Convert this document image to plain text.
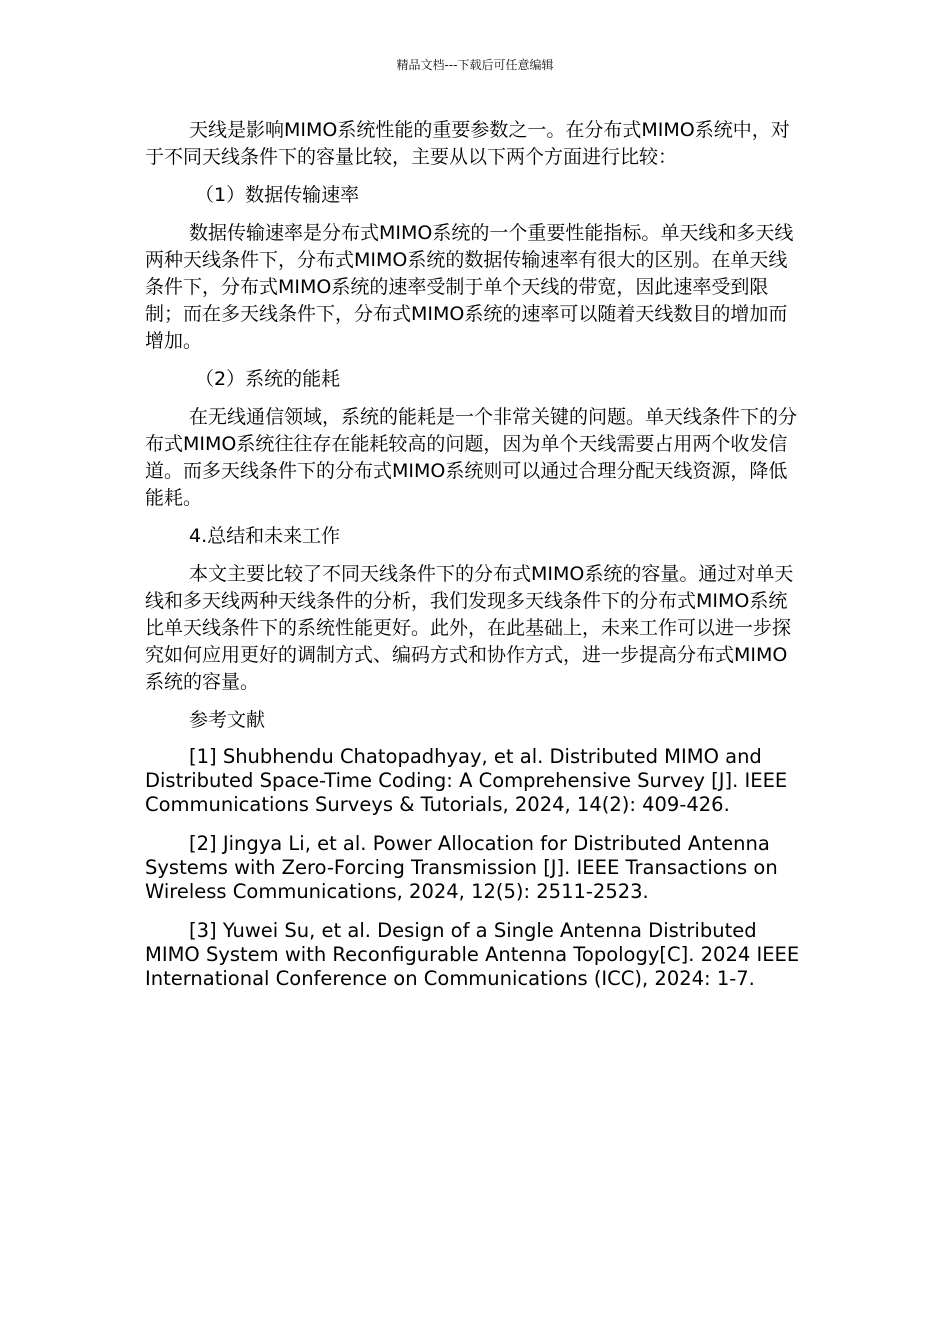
精品文档---下载后可任意编辑

天线是影响MIMO系统性能的重要参数之一。在分布式MIMO系统中，对于不同天线条件下的容量比较，主要从以下两个方面进行比较：

（1）数据传输速率

数据传输速率是分布式MIMO系统的一个重要性能指标。单天线和多天线两种天线条件下，分布式MIMO系统的数据传输速率有很大的区别。在单天线条件下，分布式MIMO系统的速率受制于单个天线的带宽，因此速率受到限制；而在多天线条件下，分布式MIMO系统的速率可以随着天线数目的增加而增加。

（2）系统的能耗

在无线通信领域，系统的能耗是一个非常关键的问题。单天线条件下的分布式MIMO系统往往存在能耗较高的问题，因为单个天线需要占用两个收发信道。而多天线条件下的分布式MIMO系统则可以通过合理分配天线资源，降低能耗。

4.总结和未来工作

本文主要比较了不同天线条件下的分布式MIMO系统的容量。通过对单天线和多天线两种天线条件的分析，我们发现多天线条件下的分布式MIMO系统比单天线条件下的系统性能更好。此外，在此基础上，未来工作可以进一步探究如何应用更好的调制方式、编码方式和协作方式，进一步提高分布式MIMO系统的容量。

参考文献

[1] Shubhendu Chatopadhyay, et al. Distributed MIMO and Distributed Space-Time Coding: A Comprehensive Survey [J]. IEEE Communications Surveys & Tutorials, 2024, 14(2): 409-426.

[2] Jingya Li, et al. Power Allocation for Distributed Antenna Systems with Zero-Forcing Transmission [J]. IEEE Transactions on Wireless Communications, 2024, 12(5): 2511-2523.

[3] Yuwei Su, et al. Design of a Single Antenna Distributed MIMO System with Reconfigurable Antenna Topology[C]. 2024 IEEE International Conference on Communications (ICC), 2024: 1-7.
